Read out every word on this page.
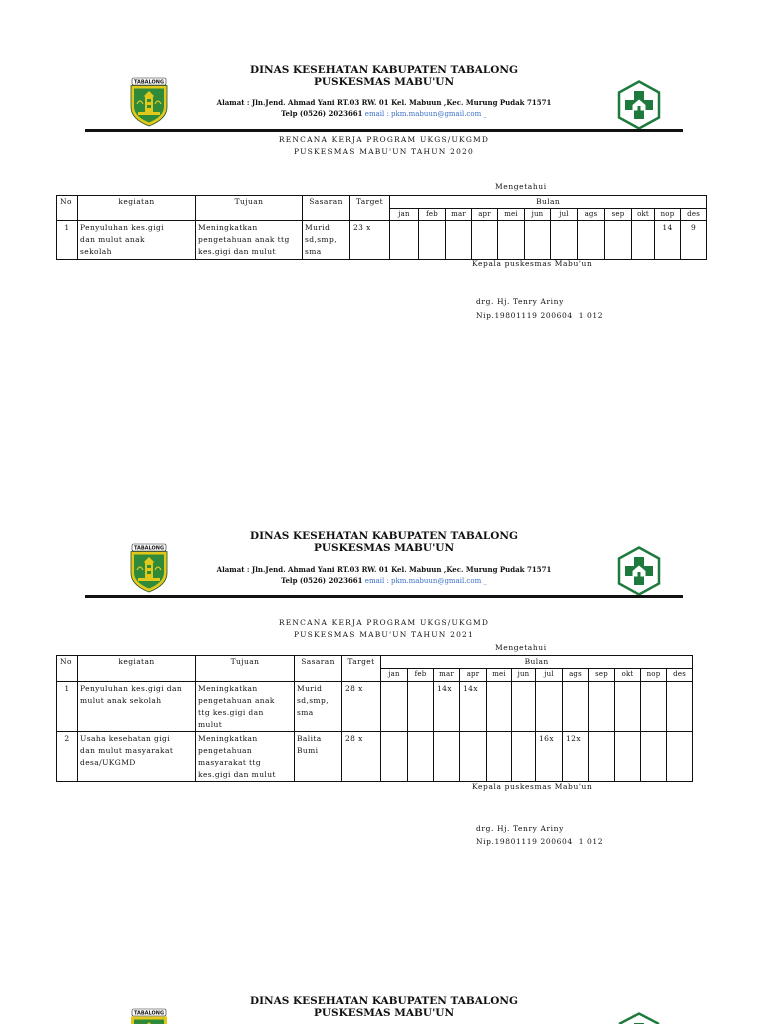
DINAS KESEHATAN KABUPATEN TABALONG
PUSKESMAS MABU'UN
Alamat : Jln.Jend. Ahmad Yani RT.03 RW. 01 Kel. Mabuun ,Kec. Murung Pudak 71571
Telp (0526) 2023661 email : pkm.mabuun@gmail.com _
RENCANA KERJA PROGRAM UKGS/UKGMD
PUSKESMAS MABU'UN TAHUN 2020
Mengetahui
No	kegiatan	Tujuan	Sasaran	Target	Bulan											
					jan	feb	mar	apr	mei	jun	jul	ags	sep	okt	nop	des
1	Penyuluhan kes.gigi
dan mulut anak
sekolah	Meningkatkan
pengetahuan anak ttg
kes.gigi dan mulut	Murid
sd,smp,
sma	23 x											14	9
Kepala puskesmas Mabu'un
drg. Hj. Tenry Ariny
Nip.19801119 200604  1 012
DINAS KESEHATAN KABUPATEN TABALONG
PUSKESMAS MABU'UN
Alamat : Jln.Jend. Ahmad Yani RT.03 RW. 01 Kel. Mabuun ,Kec. Murung Pudak 71571
Telp (0526) 2023661 email : pkm.mabuun@gmail.com _
RENCANA KERJA PROGRAM UKGS/UKGMD
PUSKESMAS MABU'UN TAHUN 2021
Mengetahui
No	kegiatan	Tujuan	Sasaran	Target	Bulan											
					jan	feb	mar	apr	mei	jun	jul	ags	sep	okt	nop	des
1	Penyuluhan kes.gigi dan
mulut anak sekolah	Meningkatkan
pengetahuan anak
ttg kes.gigi dan
mulut	Murid
sd,smp,
sma	28 x			14x	14x								
2	Usaha kesehatan gigi
dan mulut masyarakat
desa/UKGMD	Meningkatkan
pengetahuan
masyarakat ttg
kes.gigi dan mulut	Balita
Bumi	28 x							16x	12x				
Kepala puskesmas Mabu'un
drg. Hj. Tenry Ariny
Nip.19801119 200604  1 012
TABALONG
DINAS KESEHATAN KABUPATEN TABALONG
PUSKESMAS MABU'UN
